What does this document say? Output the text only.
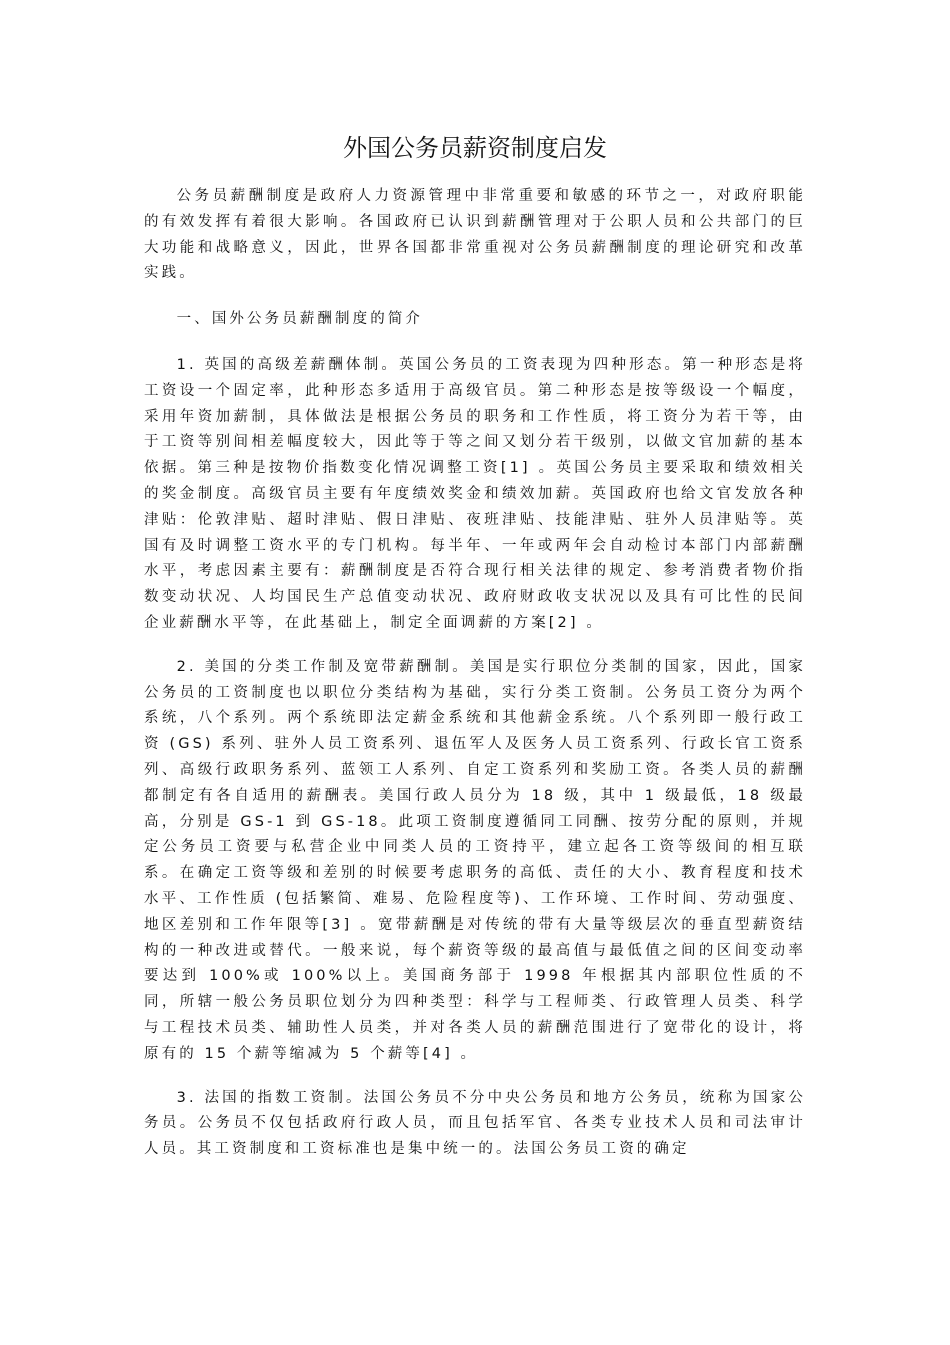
外国公务员薪资制度启发

公务员薪酬制度是政府人力资源管理中非常重要和敏感的环节之一，对政府职能的有效发挥有着很大影响。各国政府已认识到薪酬管理对于公职人员和公共部门的巨大功能和战略意义，因此，世界各国都非常重视对公务员薪酬制度的理论研究和改革实践。

一、国外公务员薪酬制度的简介

1. 英国的高级差薪酬体制。英国公务员的工资表现为四种形态。第一种形态是将工资设一个固定率，此种形态多适用于高级官员。第二种形态是按等级设一个幅度，采用年资加薪制，具体做法是根据公务员的职务和工作性质，将工资分为若干等，由于工资等别间相差幅度较大，因此等于等之间又划分若干级别，以做文官加薪的基本依据。第三种是按物价指数变化情况调整工资[1] 。英国公务员主要采取和绩效相关的奖金制度。高级官员主要有年度绩效奖金和绩效加薪。英国政府也给文官发放各种津贴：伦敦津贴、超时津贴、假日津贴、夜班津贴、技能津贴、驻外人员津贴等。英国有及时调整工资水平的专门机构。每半年、一年或两年会自动检讨本部门内部薪酬水平，考虑因素主要有：薪酬制度是否符合现行相关法律的规定、参考消费者物价指数变动状况、人均国民生产总值变动状况、政府财政收支状况以及具有可比性的民间企业薪酬水平等，在此基础上，制定全面调薪的方案[2] 。

2. 美国的分类工作制及宽带薪酬制。美国是实行职位分类制的国家，因此，国家公务员的工资制度也以职位分类结构为基础，实行分类工资制。公务员工资分为两个系统，八个系列。两个系统即法定薪金系统和其他薪金系统。八个系列即一般行政工资 (GS) 系列、驻外人员工资系列、退伍军人及医务人员工资系列、行政长官工资系列、高级行政职务系列、蓝领工人系列、自定工资系列和奖励工资。各类人员的薪酬都制定有各自适用的薪酬表。美国行政人员分为 18 级，其中 1 级最低，18 级最高，分别是 GS-1 到 GS-18。此项工资制度遵循同工同酬、按劳分配的原则，并规定公务员工资要与私营企业中同类人员的工资持平，建立起各工资等级间的相互联系。在确定工资等级和差别的时候要考虑职务的高低、责任的大小、教育程度和技术水平、工作性质 (包括繁简、难易、危险程度等)、工作环境、工作时间、劳动强度、地区差别和工作年限等[3] 。宽带薪酬是对传统的带有大量等级层次的垂直型薪资结构的一种改进或替代。一般来说，每个薪资等级的最高值与最低值之间的区间变动率要达到 100%或 100%以上。美国商务部于 1998 年根据其内部职位性质的不同，所辖一般公务员职位划分为四种类型：科学与工程师类、行政管理人员类、科学与工程技术员类、辅助性人员类，并对各类人员的薪酬范围进行了宽带化的设计，将原有的 15 个薪等缩减为 5 个薪等[4] 。

3. 法国的指数工资制。法国公务员不分中央公务员和地方公务员，统称为国家公务员。公务员不仅包括政府行政人员，而且包括军官、各类专业技术人员和司法审计人员。其工资制度和工资标准也是集中统一的。法国公务员工资的确定
